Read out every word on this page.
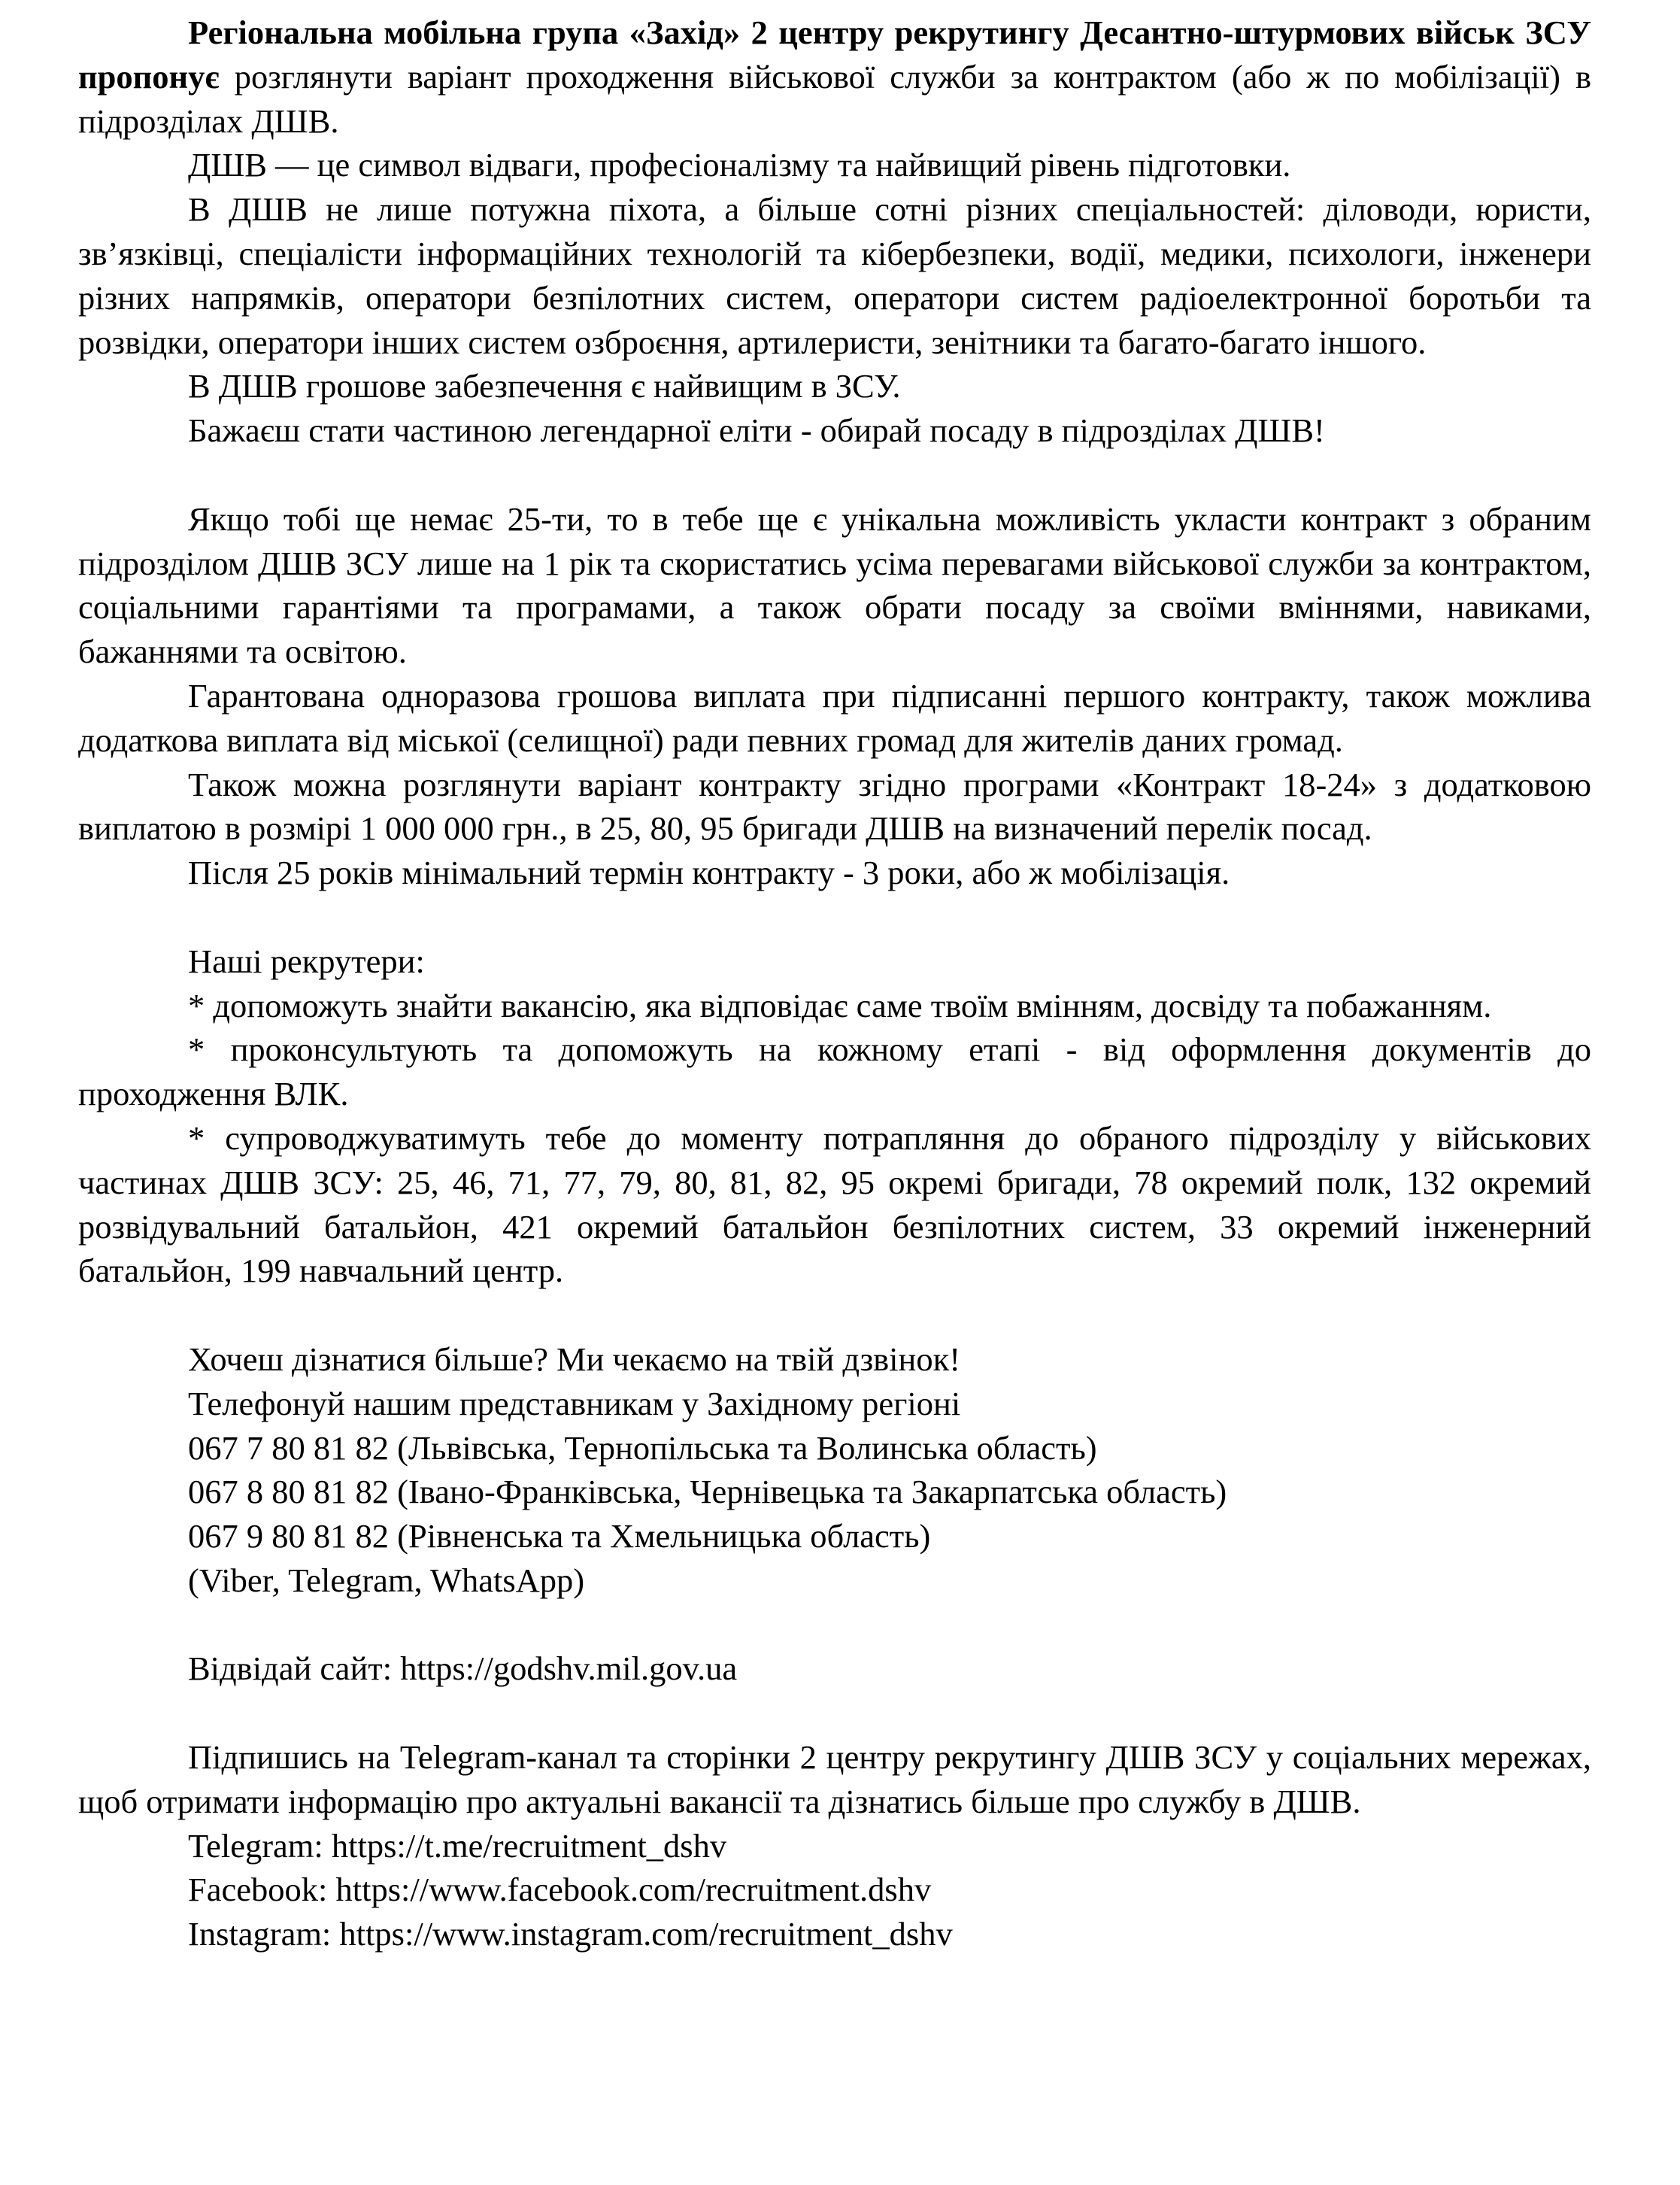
Регіональна мобільна група «Захід» 2 центру рекрутингу Десантно-штурмових військ ЗСУ пропонує розглянути варіант проходження військової служби за контрактом (або ж по мобілізації) в підрозділах ДШВ.

ДШВ — це символ відваги, професіоналізму та найвищий рівень підготовки.

В ДШВ не лише потужна піхота, а більше сотні різних спеціальностей: діловоди, юристи, зв’язківці, спеціалісти інформаційних технологій та кібербезпеки, водії, медики, психологи, інженери різних напрямків, оператори безпілотних систем, оператори систем радіоелектронної боротьби та розвідки, оператори інших систем озброєння, артилеристи, зенітники та багато-багато іншого.

В ДШВ грошове забезпечення є найвищим в ЗСУ.

Бажаєш стати частиною легендарної еліти - обирай посаду в підрозділах ДШВ!

Якщо тобі ще немає 25-ти, то в тебе ще є унікальна можливість укласти контракт з обраним підрозділом ДШВ ЗСУ лише на 1 рік та скористатись усіма перевагами військової служби за контрактом, соціальними гарантіями та програмами, а також обрати посаду за своїми вміннями, навиками, бажаннями та освітою.

Гарантована одноразова грошова виплата при підписанні першого контракту, також можлива додаткова виплата від міської (селищної) ради певних громад для жителів даних громад.

Також можна розглянути варіант контракту згідно програми «Контракт 18-24» з додатковою виплатою в розмірі 1 000 000 грн., в 25, 80, 95 бригади ДШВ на визначений перелік посад.

Після 25 років мінімальний термін контракту - 3 роки, або ж мобілізація.

Наші рекрутери:

* допоможуть знайти вакансію, яка відповідає саме твоїм вмінням, досвіду та побажанням.

* проконсультують та допоможуть на кожному етапі - від оформлення документів до проходження ВЛК.

* супроводжуватимуть тебе до моменту потрапляння до обраного підрозділу у військових частинах ДШВ ЗСУ: 25, 46, 71, 77, 79, 80, 81, 82, 95 окремі бригади, 78 окремий полк, 132 окремий розвідувальний батальйон, 421 окремий батальйон безпілотних систем, 33 окремий інженерний батальйон, 199 навчальний центр.

Хочеш дізнатися більше? Ми чекаємо на твій дзвінок!

Телефонуй нашим представникам у Західному регіоні

067 7 80 81 82 (Львівська, Тернопільська та Волинська область)

067 8 80 81 82 (Івано-Франківська, Чернівецька та Закарпатська область)

067 9 80 81 82 (Рівненська та Хмельницька область)

(Viber, Telegram, WhatsApp)

Відвідай сайт: https://godshv.mil.gov.ua

Підпишись на Telegram-канал та сторінки 2 центру рекрутингу ДШВ ЗСУ у соціальних мережах, щоб отримати інформацію про актуальні вакансії та дізнатись більше про службу в ДШВ.

Telegram: https://t.me/recruitment_dshv

Facebook: https://www.facebook.com/recruitment.dshv

Instagram: https://www.instagram.com/recruitment_dshv
